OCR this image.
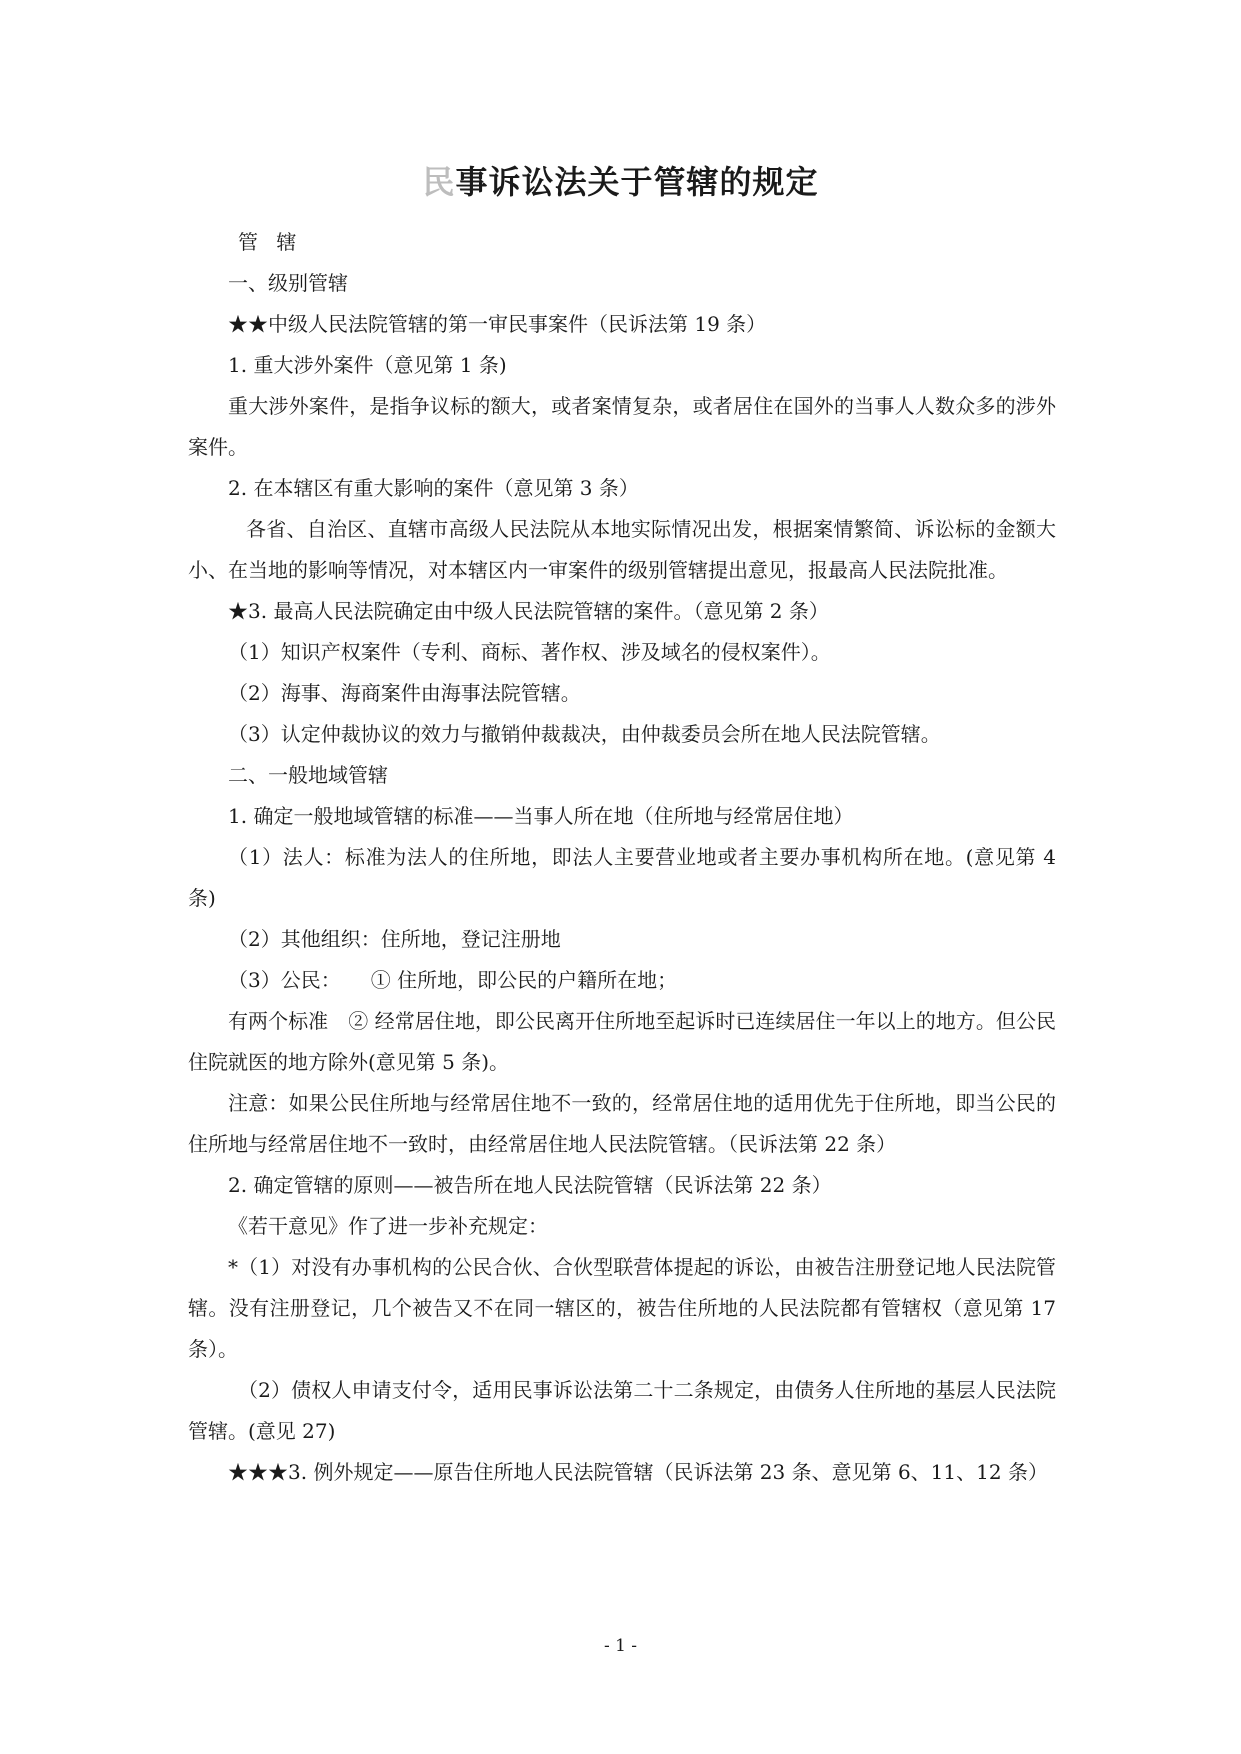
民事诉讼法关于管辖的规定

管 辖

一、级别管辖

★★中级人民法院管辖的第一审民事案件（民诉法第 19 条）

1. 重大涉外案件（意见第 1 条)

重大涉外案件，是指争议标的额大，或者案情复杂，或者居住在国外的当事人人数众多的涉外案件。

2. 在本辖区有重大影响的案件（意见第 3 条）

各省、自治区、直辖市高级人民法院从本地实际情况出发，根据案情繁简、诉讼标的金额大小、在当地的影响等情况，对本辖区内一审案件的级别管辖提出意见，报最高人民法院批准。

★3. 最高人民法院确定由中级人民法院管辖的案件。（意见第 2 条）

（1）知识产权案件（专利、商标、著作权、涉及域名的侵权案件）。

（2）海事、海商案件由海事法院管辖。

（3）认定仲裁协议的效力与撤销仲裁裁决，由仲裁委员会所在地人民法院管辖。

二、一般地域管辖

1. 确定一般地域管辖的标准——当事人所在地（住所地与经常居住地）

（1）法人：标准为法人的住所地，即法人主要营业地或者主要办事机构所在地。(意见第 4 条)

（2）其他组织：住所地，登记注册地

（3）公民：　　① 住所地，即公民的户籍所在地；

有两个标准　② 经常居住地，即公民离开住所地至起诉时已连续居住一年以上的地方。但公民住院就医的地方除外(意见第 5 条)。

注意：如果公民住所地与经常居住地不一致的，经常居住地的适用优先于住所地，即当公民的住所地与经常居住地不一致时，由经常居住地人民法院管辖。（民诉法第 22 条）

2. 确定管辖的原则——被告所在地人民法院管辖（民诉法第 22 条）

《若干意见》作了进一步补充规定：

*（1）对没有办事机构的公民合伙、合伙型联营体提起的诉讼，由被告注册登记地人民法院管辖。没有注册登记，几个被告又不在同一辖区的，被告住所地的人民法院都有管辖权（意见第 17 条）。

（2）债权人申请支付令，适用民事诉讼法第二十二条规定，由债务人住所地的基层人民法院管辖。(意见 27)

★★★3. 例外规定——原告住所地人民法院管辖（民诉法第 23 条、意见第 6、11、12 条）

- 1 -
